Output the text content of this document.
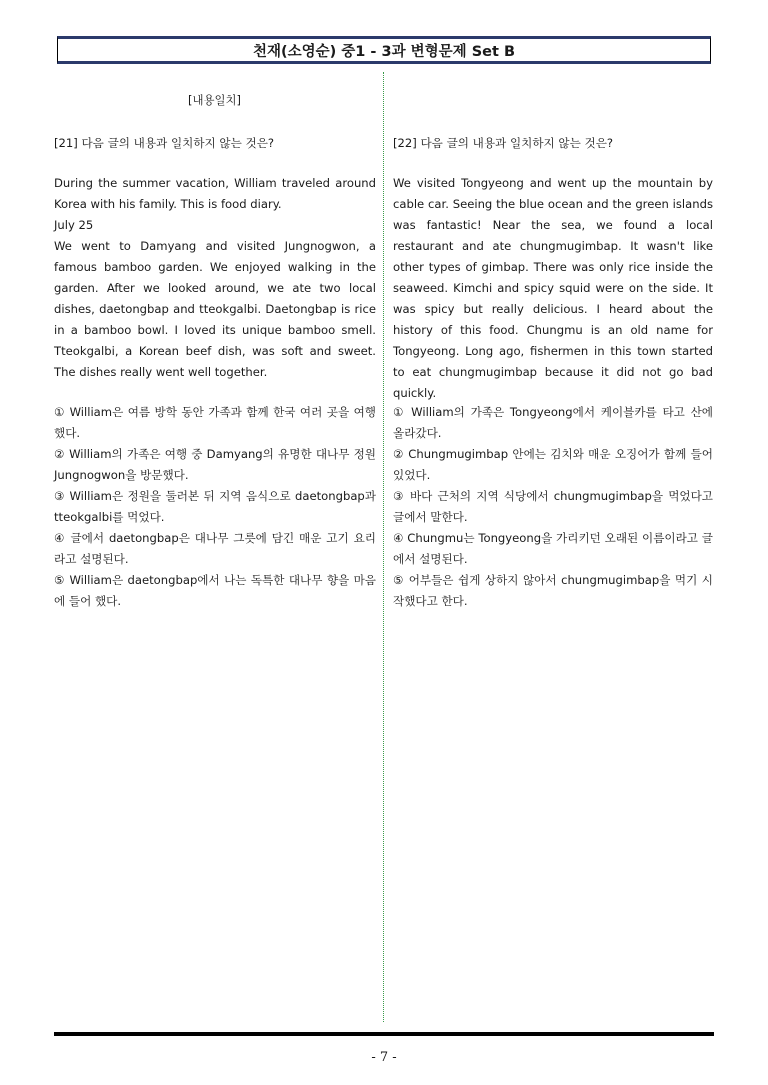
천재(소영순) 중1 - 3과 변형문제 Set B
[내용일치]
[21] 다음 글의 내용과 일치하지 않는 것은?

During the summer vacation, William traveled around Korea with his family. This is food diary.

July 25

We went to Damyang and visited Jungnogwon, a famous bamboo garden. We enjoyed walking in the garden. After we looked around, we ate two local dishes, daetongbap and tteokgalbi. Daetongbap is rice in a bamboo bowl. I loved its unique bamboo smell. Tteokgalbi, a Korean beef dish, was soft and sweet. The dishes really went well together.

① William은 여름 방학 동안 가족과 함께 한국 여러 곳을 여행했다.

② William의 가족은 여행 중 Damyang의 유명한 대나무 정원 Jungnogwon을 방문했다.

③ William은 정원을 둘러본 뒤 지역 음식으로 daetongbap과 tteokgalbi를 먹었다.

④ 글에서 daetongbap은 대나무 그릇에 담긴 매운 고기 요리라고 설명된다.

⑤ William은 daetongbap에서 나는 독특한 대나무 향을 마음에 들어 했다.

[22] 다음 글의 내용과 일치하지 않는 것은?

We visited Tongyeong and went up the mountain by cable car. Seeing the blue ocean and the green islands was fantastic! Near the sea, we found a local restaurant and ate chungmugimbap. It wasn't like other types of gimbap. There was only rice inside the seaweed. Kimchi and spicy squid were on the side. It was spicy but really delicious. I heard about the history of this food. Chungmu is an old name for Tongyeong. Long ago, fishermen in this town started to eat chungmugimbap because it did not go bad quickly.

① William의 가족은 Tongyeong에서 케이블카를 타고 산에 올라갔다.

② Chungmugimbap 안에는 김치와 매운 오징어가 함께 들어 있었다.

③ 바다 근처의 지역 식당에서 chungmugimbap을 먹었다고 글에서 말한다.

④ Chungmu는 Tongyeong을 가리키던 오래된 이름이라고 글에서 설명된다.

⑤ 어부들은 쉽게 상하지 않아서 chungmugimbap을 먹기 시작했다고 한다.

- 7 -
